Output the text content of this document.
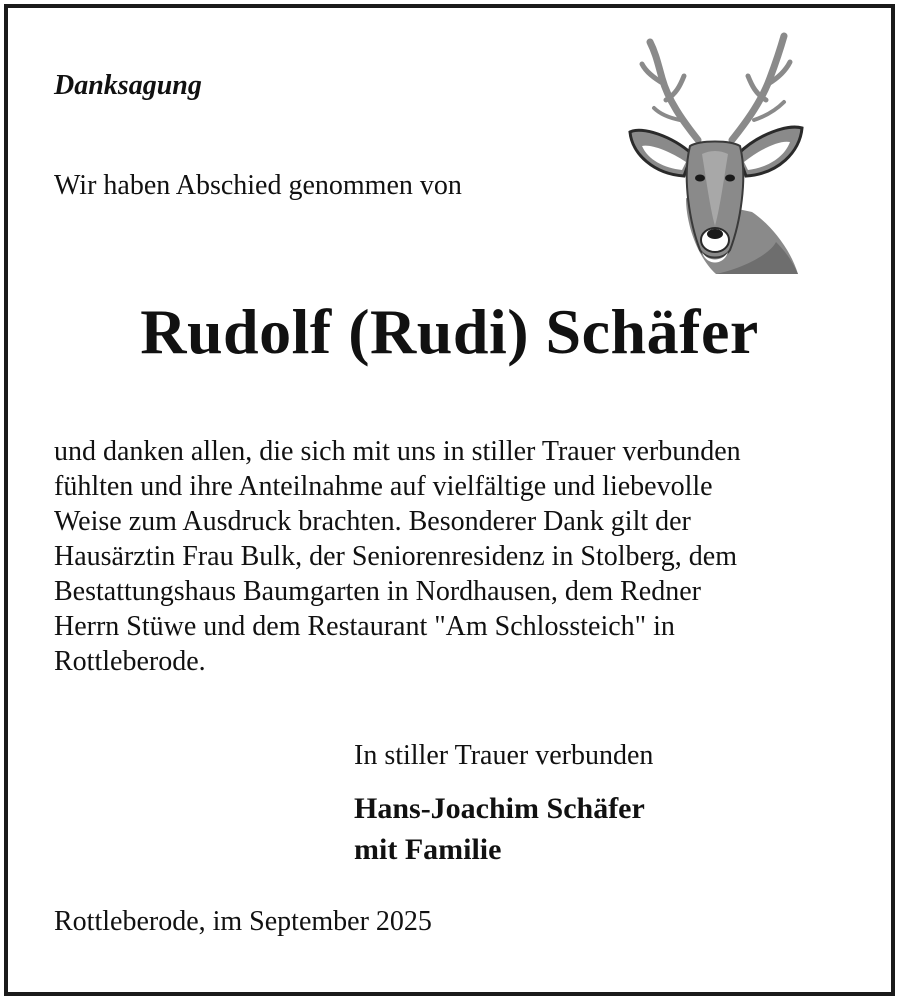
Danksagung
Wir haben Abschied genommen von
Rudolf (Rudi) Schäfer
und danken allen, die sich mit uns in stiller Trauer verbunden
fühlten und ihre Anteilnahme auf vielfältige und liebevolle
Weise zum Ausdruck brachten. Besonderer Dank gilt der
Hausärztin Frau Bulk, der Seniorenresidenz in Stolberg, dem
Bestattungshaus Baumgarten in Nordhausen, dem Redner
Herrn Stüwe und dem Restaurant "Am Schlossteich" in
Rottleberode.
In stiller Trauer verbunden
Hans-Joachim Schäfer
mit Familie
Rottleberode, im September 2025
